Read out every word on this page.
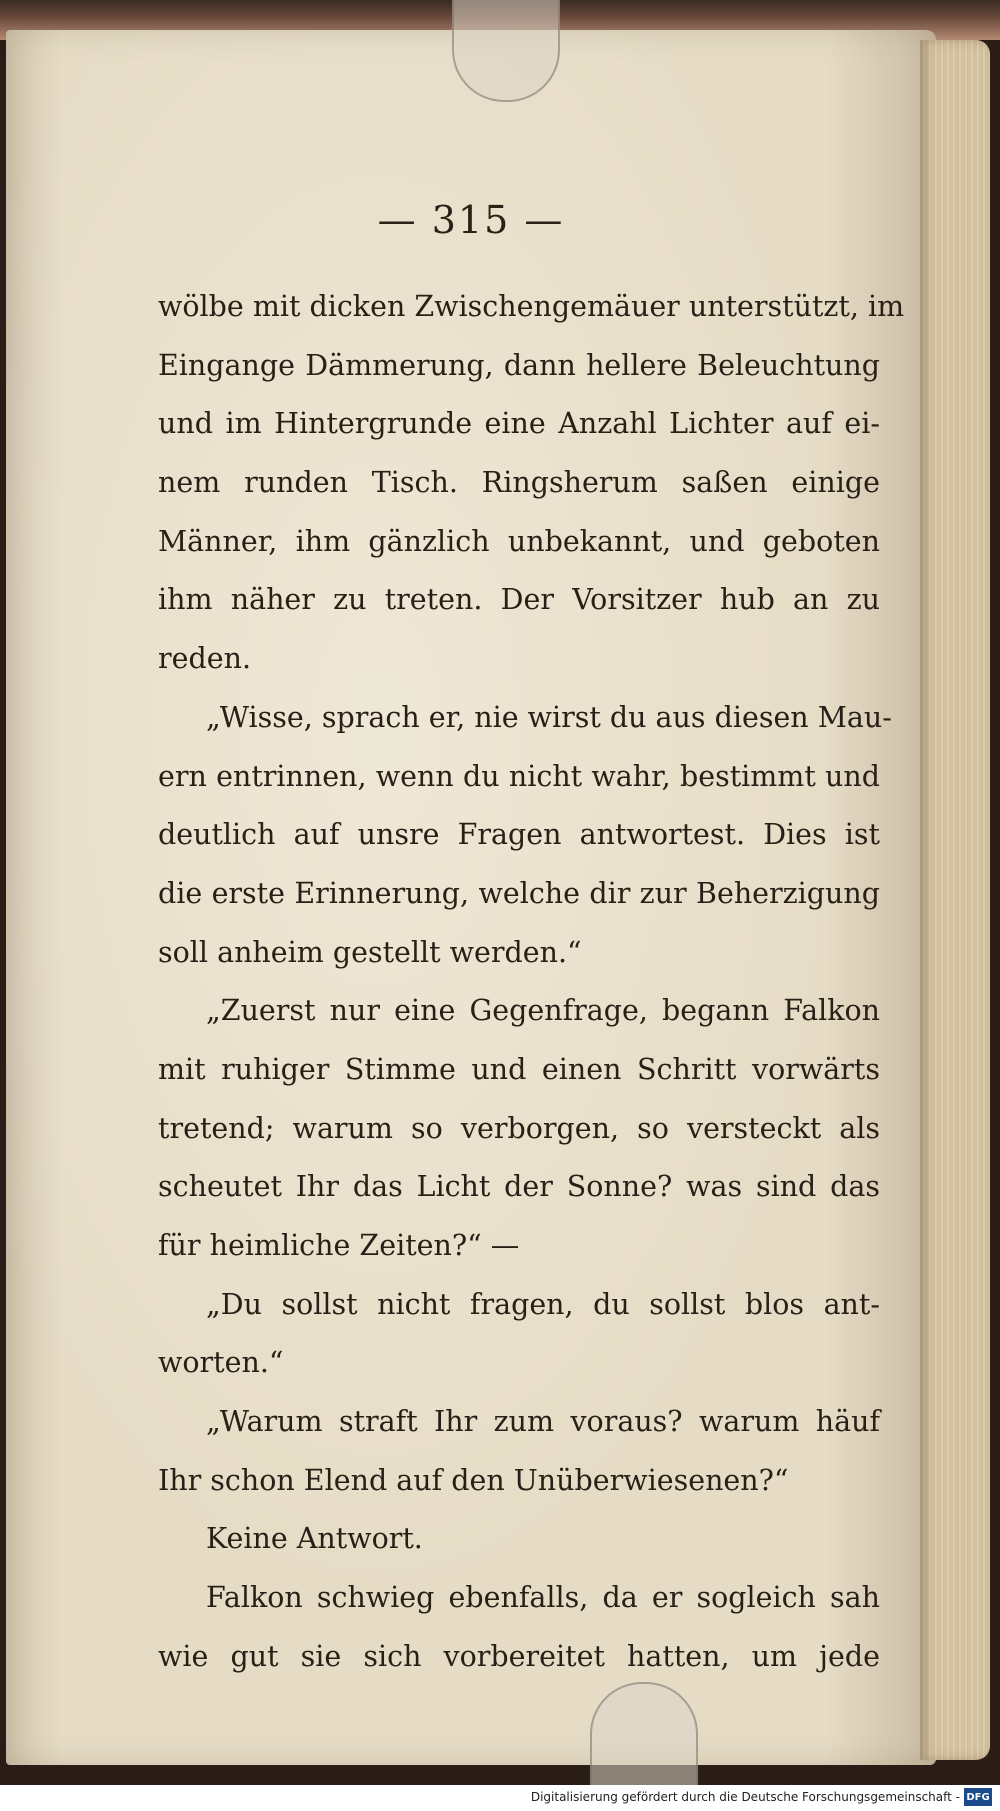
— 315 —
wölbe mit dicken Zwischengemäuer unterstützt, im
Eingange Dämmerung, dann hellere Beleuchtung
und im Hintergrunde eine Anzahl Lichter auf ei-
nem runden Tisch. Ringsherum saßen einige
Männer, ihm gänzlich unbekannt, und geboten
ihm näher zu treten. Der Vorsitzer hub an zu
reden.
„Wisse, sprach er, nie wirst du aus diesen Mau-
ern entrinnen, wenn du nicht wahr, bestimmt und
deutlich auf unsre Fragen antwortest. Dies ist
die erste Erinnerung, welche dir zur Beherzigung
soll anheim gestellt werden.“
„Zuerst nur eine Gegenfrage, begann Falkon
mit ruhiger Stimme und einen Schritt vorwärts
tretend; warum so verborgen, so versteckt als
scheutet Ihr das Licht der Sonne? was sind das
für heimliche Zeiten?“ —
„Du sollst nicht fragen, du sollst blos ant-
worten.“
„Warum straft Ihr zum voraus? warum häuf
Ihr schon Elend auf den Unüberwiesenen?“
Keine Antwort.
Falkon schwieg ebenfalls, da er sogleich sah
wie gut sie sich vorbereitet hatten, um jede
Digitalisierung gefördert durch die Deutsche Forschungsgemeinschaft - DFG
